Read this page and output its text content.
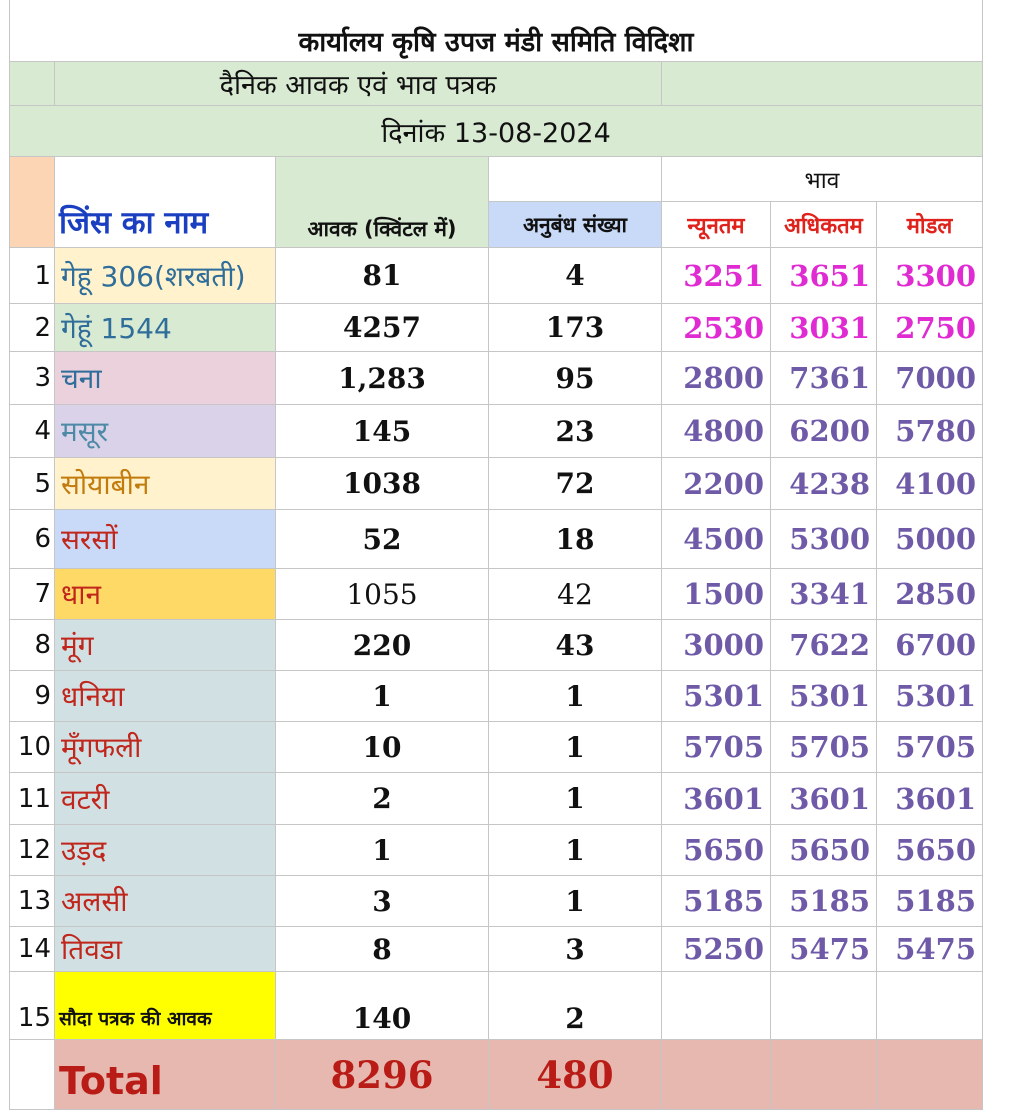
कार्यालय कृषि उपज मंडी समिति विदिशा
दैनिक आवक एवं भाव पत्रक
दिनांक 13-08-2024
जिंस का नाम	आवक (क्विंटल में)	अनुबंध संख्या
भाव
न्यूनतम अधिकतम मोडल
1 गेहू 306(शरबती)	81	4	3251 3651 3300
2 गेहूं 1544	4257	173	2530 3031 2750
3 चना	1,283	95	2800 7361 7000
4 मसूर	145	23	4800 6200 5780
5 सोयाबीन	1038	72	2200 4238 4100
6 सरसों	52	18	4500 5300 5000
7 धान	1055	42	1500 3341 2850
8 मूंग	220	43	3000 7622 6700
9 धनिया	1	1	5301 5301 5301
10 मूँगफली	10	1	5705 5705 5705
11 वटरी	2	1	3601 3601 3601
12 उड़द	1	1	5650 5650 5650
13 अलसी	3	1	5185 5185 5185
14 तिवडा	8	3	5250 5475 5475
15 सौदा पत्रक की आवक	140	2
Total	8296	480
